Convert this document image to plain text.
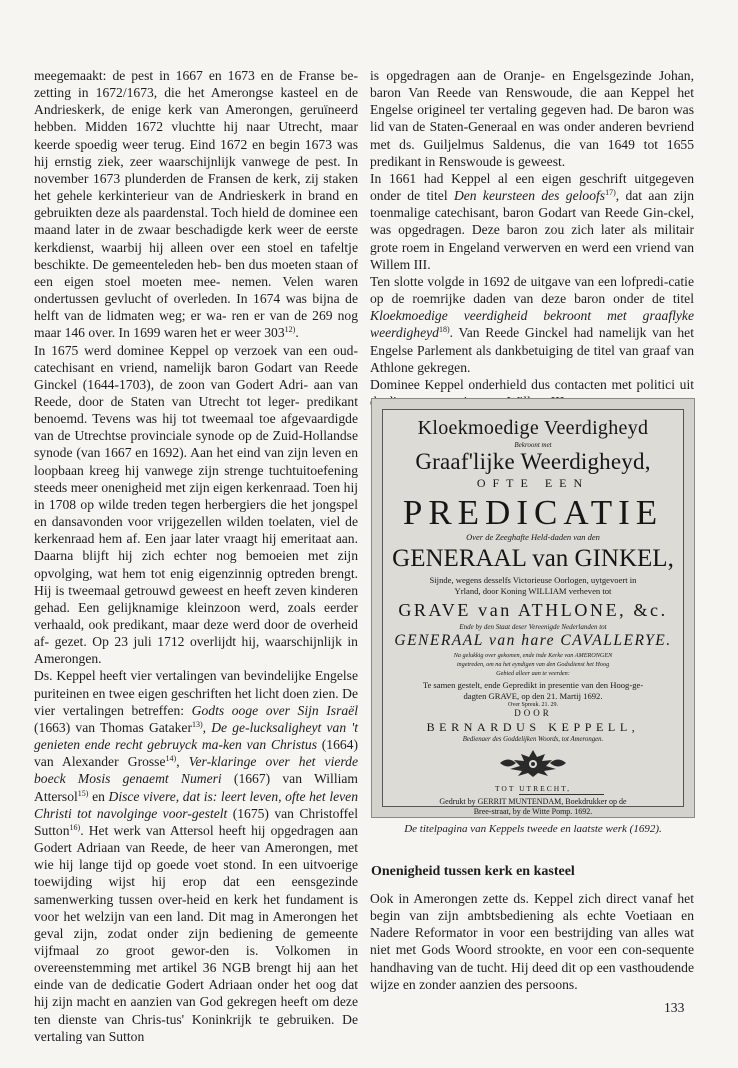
meegemaakt: de pest in 1667 en 1673 en de Franse be- zetting in 1672/1673, die het Amerongse kasteel en de Andrieskerk, de enige kerk van Amerongen, geruïneerd hebben. Midden 1672 vluchtte hij naar Utrecht, maar keerde spoedig weer terug. Eind 1672 en begin 1673 was hij ernstig ziek, zeer waarschijnlijk vanwege de pest. In november 1673 plunderden de Fransen de kerk, zij staken het gehele kerkinterieur van de Andrieskerk in brand en gebruikten deze als paardenstal. Toch hield de dominee een maand later in de zwaar beschadigde kerk weer de eerste kerkdienst, waarbij hij alleen over een stoel en tafeltje beschikte. De gemeenteleden heb- ben dus moeten staan of een eigen stoel moeten mee- nemen. Velen waren ondertussen gevlucht of overleden. In 1674 was bijna de helft van de lidmaten weg; er wa- ren er van de 269 nog maar 146 over. In 1699 waren het er weer 303$^{12)}$.

In 1675 werd dominee Keppel op verzoek van een oud-catechisant en vriend, namelijk baron Godart van Reede Ginckel (1644-1703), de zoon van Godert Adri- aan van Reede, door de Staten van Utrecht tot leger- predikant benoemd. Tevens was hij tot tweemaal toe afgevaardigde van de Utrechtse provinciale synode op de Zuid-Hollandse synode (van 1667 en 1692). Aan het eind van zijn leven en loopbaan kreeg hij vanwege zijn strenge tuchtuitoefening steeds meer onenigheid met zijn eigen kerkenraad. Toen hij in 1708 op wilde treden tegen herbergiers die het jongspel en dansavonden voor vrijgezellen wilden toelaten, viel de kerkenraad hem af. Een jaar later vraagt hij emeritaat aan. Daarna blijft hij zich echter nog bemoeien met zijn opvolging, wat hem tot enig eigenzinnig optreden brengt. Hij is tweemaal getrouwd geweest en heeft zeven kinderen gehad. Een gelijknamige kleinzoon werd, zoals eerder verhaald, ook predikant, maar deze werd door de overheid af- gezet. Op 23 juli 1712 overlijdt hij, waarschijnlijk in Amerongen.

Ds. Keppel heeft vier vertalingen van bevindelijke Engelse puriteinen en twee eigen geschriften het licht doen zien. De vier vertalingen betreffen: Godts ooge over Sijn Israël (1663) van Thomas Gataker$^{13)}$, De ge-lucksaligheyt van 't genieten ende recht gebruyck ma-ken van Christus (1664) van Alexander Grosse$^{14)}$, Ver-klaringe over het vierde boeck Mosis genaemt Numeri (1667) van William Attersol$^{15)}$ en Disce vivere, dat is: leert leven, ofte het leven Christi tot navolginge voor-gestelt (1675) van Christoffel Sutton$^{16)}$. Het werk van Attersol heeft hij opgedragen aan Godert Adriaan van Reede, de heer van Amerongen, met wie hij lange tijd op goede voet stond. In een uitvoerige toewijding wijst hij erop dat een eensgezinde samenwerking tussen over-heid en kerk het fundament is voor het welzijn van een land. Dit mag in Amerongen het geval zijn, zodat onder zijn bediening de gemeente vijfmaal zo groot gewor-den is. Volkomen in overeenstemming met artikel 36 NGB brengt hij aan het einde van de dedicatie Godert Adriaan onder het oog dat hij zijn macht en aanzien van God gekregen heeft om deze ten dienste van Chris-tus' Koninkrijk te gebruiken. De vertaling van Sutton

is opgedragen aan de Oranje- en Engelsgezinde Johan, baron Van Reede van Renswoude, die aan Keppel het Engelse origineel ter vertaling gegeven had. De baron was lid van de Staten-Generaal en was onder anderen bevriend met ds. Guiljelmus Saldenus, die van 1649 tot 1655 predikant in Renswoude is geweest.

In 1661 had Keppel al een eigen geschrift uitgegeven onder de titel Den keursteen des geloofs$^{17)}$, dat aan zijn toenmalige catechisant, baron Godart van Reede Gin-ckel, was opgedragen. Deze baron zou zich later als militair grote roem in Engeland verwerven en werd een vriend van Willem III.

Ten slotte volgde in 1692 de uitgave van een lofpredi-catie op de roemrijke daden van deze baron onder de titel Kloekmoedige veerdigheid bekroont met graaflyke weerdigheyd$^{18)}$. Van Reede Ginckel had namelijk van het Engelse Parlement als dankbetuiging de titel van graaf van Athlone gekregen.

Dominee Keppel onderhield dus contacten met politici uit

Kloekmoedige Veerdigheyd
Bekroont met
Graaf'lijke Weerdigheyd,
OFTE EEN
PREDICATIE
Over de Zeeghafte Held-daden van den
GENERAAL van GINKEL,
Sijnde, wegens desselfs Victorieuse Oorlogen, uytgevoert in
Yrland, door Koning WILLIAM verheven tot
GRAVE van ATHLONE, &c.
Ende by den Staat deser Vereenigde Nederlanden tot
GENERAAL van hare CAVALLERYE.
Na gelukkig over gekomen, ende inde Kerke van AMERONGEN
ingetreden, om na het eyndigen van den Godsdienst het Hoog
Gebied alleer aan te veerden:
Te samen gestelt, ende Gepredikt in presentie van den Hoog-ge-
dagten GRAVE, op den 21. Martij 1692.
Over Spreuk. 21. 29.
DOOR
BERNARDUS KEPPELL,
Bedienaer des Goddelijken Woords, tot Amerongen.
TOT UTRECHT,
Gedrukt by GERRIT MUNTENDAM, Boekdrukker op de
Bree-straat, by de Witte Pomp. 1692.
De titelpagina van Keppels tweede en laatste werk (1692).
Onenigheid tussen kerk en kasteel

Ook in Amerongen zette ds. Keppel zich direct vanaf het begin van zijn ambtsbediening als echte Voetiaan en Nadere Reformator in voor een bestrijding van alles wat niet met Gods Woord strookte, en voor een con-sequente handhaving van de tucht. Hij deed dit op een vasthoudende wijze en zonder aanzien des persoons.

133
